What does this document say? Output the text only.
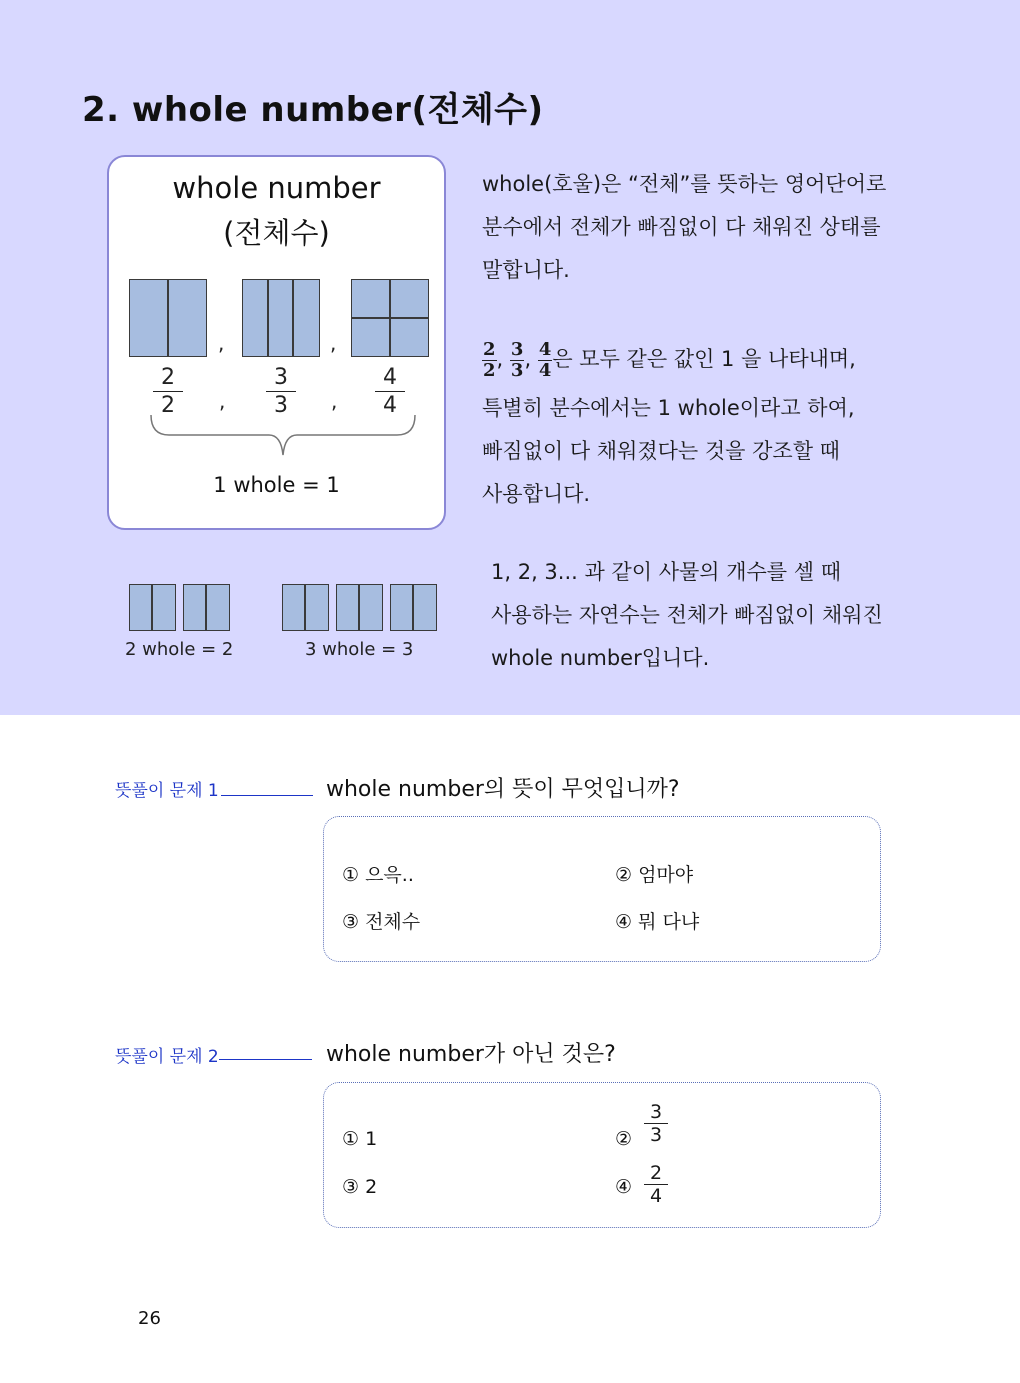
2. whole number(전체수)
whole number
(전체수)
,	,
$\frac{2}{2}$ , $\frac{3}{3}$ , $\frac{4}{4}$
1 whole = 1
2 whole = 2	3 whole = 3
whole(호울)은 “전체”를 뜻하는 영어단어로
분수에서 전체가 빠짐없이 다 채워진 상태를
말합니다.
$\frac{2}{2}$ , $\frac{3}{3}$ , $\frac{4}{4}$ 은 모두 같은 값인 1 을 나타내며,
특별히 분수에서는 1 whole이라고 하여,
빠짐없이 다 채워졌다는 것을 강조할 때
사용합니다.
1, 2, 3... 과 같이 사물의 개수를 셀 때
사용하는 자연수는 전체가 빠짐없이 채워진
whole number입니다.
뜻풀이 문제 1	whole number의 뜻이 무엇입니까?
① 으윽..	② 엄마야
③ 전체수	④ 뭐 다냐
뜻풀이 문제 2	whole number가 아닌 것은?
① 1	② $\frac{3}{3}$
③ 2	④ $\frac{2}{4}$
26
